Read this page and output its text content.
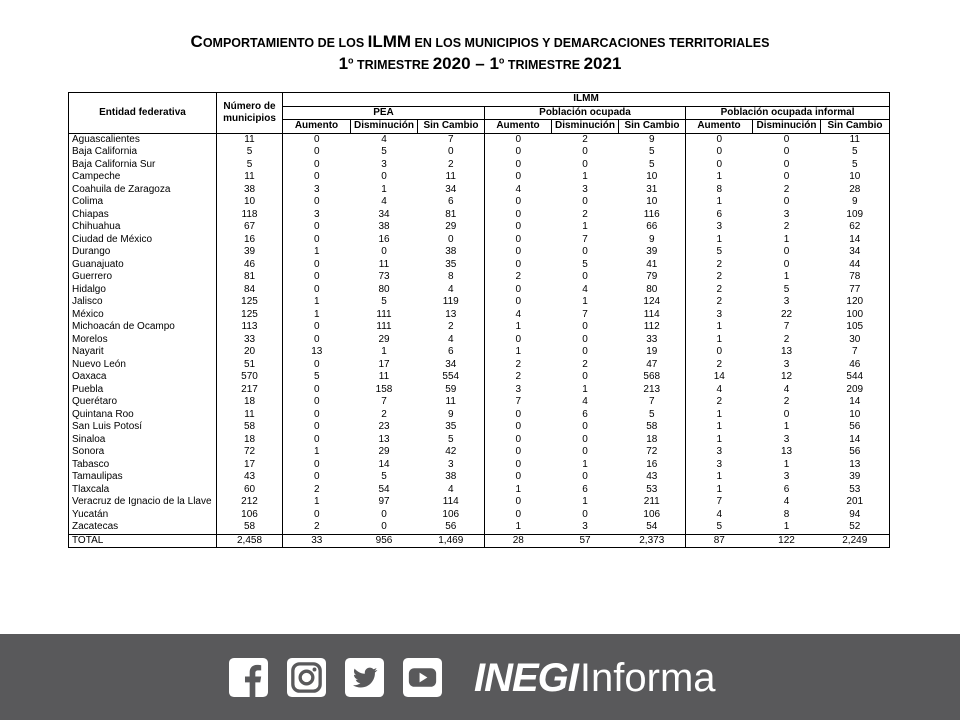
COMPORTAMIENTO DE LOS ILMM EN LOS MUNICIPIOS Y DEMARCACIONES TERRITORIALES
1$^o$ TRIMESTRE 2020 – 1$^o$ TRIMESTRE 2021
Entidad federativa	Número de municipios	ILMM								
		PEA			Población ocupada			Población ocupada informal		
		Aumento	Disminución	Sin Cambio	Aumento	Disminución	Sin Cambio	Aumento	Disminución	Sin Cambio
Aguascalientes	11	0	4	7	0	2	9	0	0	11
Baja California	5	0	5	0	0	0	5	0	0	5
Baja California Sur	5	0	3	2	0	0	5	0	0	5
Campeche	11	0	0	11	0	1	10	1	0	10
Coahuila de Zaragoza	38	3	1	34	4	3	31	8	2	28
Colima	10	0	4	6	0	0	10	1	0	9
Chiapas	118	3	34	81	0	2	116	6	3	109
Chihuahua	67	0	38	29	0	1	66	3	2	62
Ciudad de México	16	0	16	0	0	7	9	1	1	14
Durango	39	1	0	38	0	0	39	5	0	34
Guanajuato	46	0	11	35	0	5	41	2	0	44
Guerrero	81	0	73	8	2	0	79	2	1	78
Hidalgo	84	0	80	4	0	4	80	2	5	77
Jalisco	125	1	5	119	0	1	124	2	3	120
México	125	1	111	13	4	7	114	3	22	100
Michoacán de Ocampo	113	0	111	2	1	0	112	1	7	105
Morelos	33	0	29	4	0	0	33	1	2	30
Nayarit	20	13	1	6	1	0	19	0	13	7
Nuevo León	51	0	17	34	2	2	47	2	3	46
Oaxaca	570	5	11	554	2	0	568	14	12	544
Puebla	217	0	158	59	3	1	213	4	4	209
Querétaro	18	0	7	11	7	4	7	2	2	14
Quintana Roo	11	0	2	9	0	6	5	1	0	10
San Luis Potosí	58	0	23	35	0	0	58	1	1	56
Sinaloa	18	0	13	5	0	0	18	1	3	14
Sonora	72	1	29	42	0	0	72	3	13	56
Tabasco	17	0	14	3	0	1	16	3	1	13
Tamaulipas	43	0	5	38	0	0	43	1	3	39
Tlaxcala	60	2	54	4	1	6	53	1	6	53
Veracruz de Ignacio de la Llave	212	1	97	114	0	1	211	7	4	201
Yucatán	106	0	0	106	0	0	106	4	8	94
Zacatecas	58	2	0	56	1	3	54	5	1	52
TOTAL	2,458	33	956	1,469	28	57	2,373	87	122	2,249
INEGIInforma
